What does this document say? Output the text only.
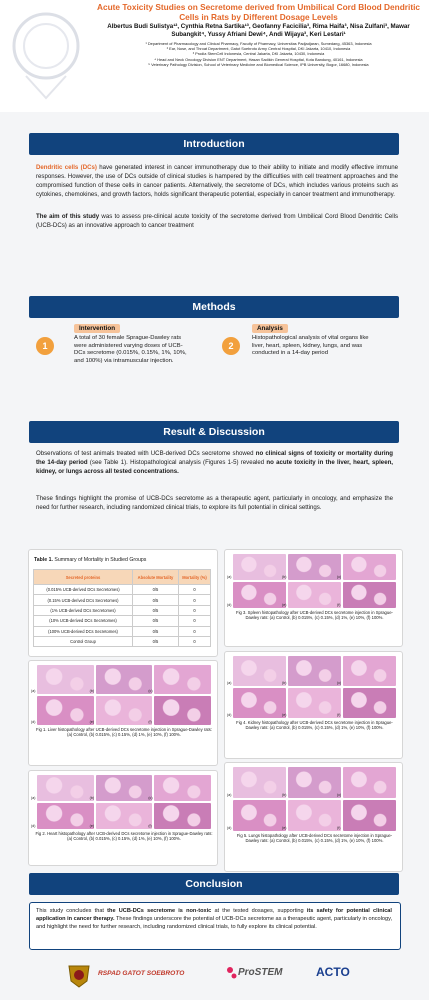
Acute Toxicity Studies on Secretome derived from Umbilical Cord Blood Dendritic Cells in Rats by Different Dosage Levels
Albertus Budi Sulistya¹², Cynthia Retna Sartika¹³, Geofanny Facicilia³, Rima Haifa³, Nisa Zulfani³, Mawar Subangkit⁴, Yussy Afriani Dewi⁴, Andi Wijaya³, Keri Lestari¹
¹ Department of Pharmacology and Clinical Pharmacy, Faculty of Pharmacy, Universitas Padjadjaran, Sumedang, 45363, Indonesia
² Ear, Nose, and Throat Department, Gatot Soebroto Army Central Hospital, DKI Jakarta, 10410, Indonesia
³ Prodia StemCell Indonesia, Central Jakarta, DKI Jakarta, 10430, Indonesia
⁴ Head and Neck Oncology Division ENT Department, Hasan Sadikin General Hospital, Kota Bandung, 40161, Indonesia
⁵ Veterinary Pathology Division, School of Veterinary Medicine and Biomedical Science, IPB University, Bogor, 16680, Indonesia
Introduction
Dendritic cells (DCs) have generated interest in cancer immunotherapy due to their ability to initiate and modify effective immune responses. However, the use of DCs outside of clinical studies is hampered by the difficulties with cell treatment approaches and the compromised function of these cells in cancer patients. Alternatively, the secretome of DCs, which includes various proteins such as cytokines, chemokines, and growth factors, holds significant therapeutic potential, especially in cancer treatment and immunotherapy.
The aim of this study was to assess pre-clinical acute toxicity of the secretome derived from Umbilical Cord Blood Dendritic Cells (UCB-DCs) as an innovative approach to cancer treatment
Methods
Intervention
1
A total of 30 female Sprague-Dawley rats were administered varying doses of UCB-DCs secretome (0.015%, 0.15%, 1%, 10%, and 100%) via intramuscular injection.
Analysis
2
Histopathological analysis of vital organs like liver, heart, spleen, kidney, lungs, and was conducted in a 14-day period
Result & Discussion
Observations of test animals treated with UCB-derived DCs secretome showed no clinical signs of toxicity or mortality during the 14-day period (see Table 1). Histopathological analysis (Figures 1-5) revealed no acute toxicity in the liver, heart, spleen, kidney, or lungs across all tested concentrations.
These findings highlight the promise of UCB-DCs secretome as a therapeutic agent, particularly in oncology, and emphasize the need for further research, including randomized clinical trials, to explore its full potential in clinical settings.
Table 1. Summary of Mortality in Studied Groups
Secreted proteins	Absolute Mortality	Mortality (%)
(0.015% UCB-derived DCs Secretomes)	0/5	0
(0.15% UCB-derived DCs Secretomes)	0/5	0
(1% UCB-derived DCs Secretomes)	0/5	0
(10% UCB-derived DCs Secretomes)	0/5	0
(100% UCB-derived DCs Secretomes)	0/5	0
Control Group	0/5	0
(a)	(b)	(c)
(d)	(e)	(f)
Fig 3. Spleen histopathology after UCB-derived DCs secretome injection in Sprague-Dawley rats: (a) Control, (b) 0.015%, (c) 0.15%, (d) 1%, (e) 10%, (f) 100%.
(a)	(b)	(c)
(d)	(e)	(f)
Fig 1. Liver histopathology after UCB-derived DCs secretome injection in Sprague-Dawley rats: (a) Control, (b) 0.015%, (c) 0.15%, (d) 1%, (e) 10%, (f) 100%.
(a)	(b)	(c)
(d)	(e)	(f)
Fig 4. Kidney histopathology after UCB-derived DCs secretome injection in Sprague-Dawley rats: (a) Control, (b) 0.015%, (c) 0.15%, (d) 1%, (e) 10%, (f) 100%.
(a)	(b)	(c)
(d)	(e)	(f)
Fig 2. Heart histopathology after UCB-derived DCs secretome injection in Sprague-Dawley rats: (a) Control, (b) 0.015%, (c) 0.15%, (d) 1%, (e) 10%, (f) 100%.
(a)	(b)	(c)
(d)	(e)	(f)
Fig 5. Lungs histopathology after UCB-derived DCs secretome injection in Sprague-Dawley rats: (a) Control, (b) 0.015%, (c) 0.15%, (d) 1%, (e) 10%, (f) 100%.
Conclusion
This study concludes that the UCB-DCs secretome is non-toxic at the tested dosages, supporting its safety for potential clinical application in cancer therapy. These findings underscore the potential of UCB-DCs secretome as a therapeutic agent, particularly in oncology, and highlight the need for further research, including randomized clinical trials, to fully explore its clinical potential.
RSPAD GATOT SOEBROTO	ProSTEM	ACTO
